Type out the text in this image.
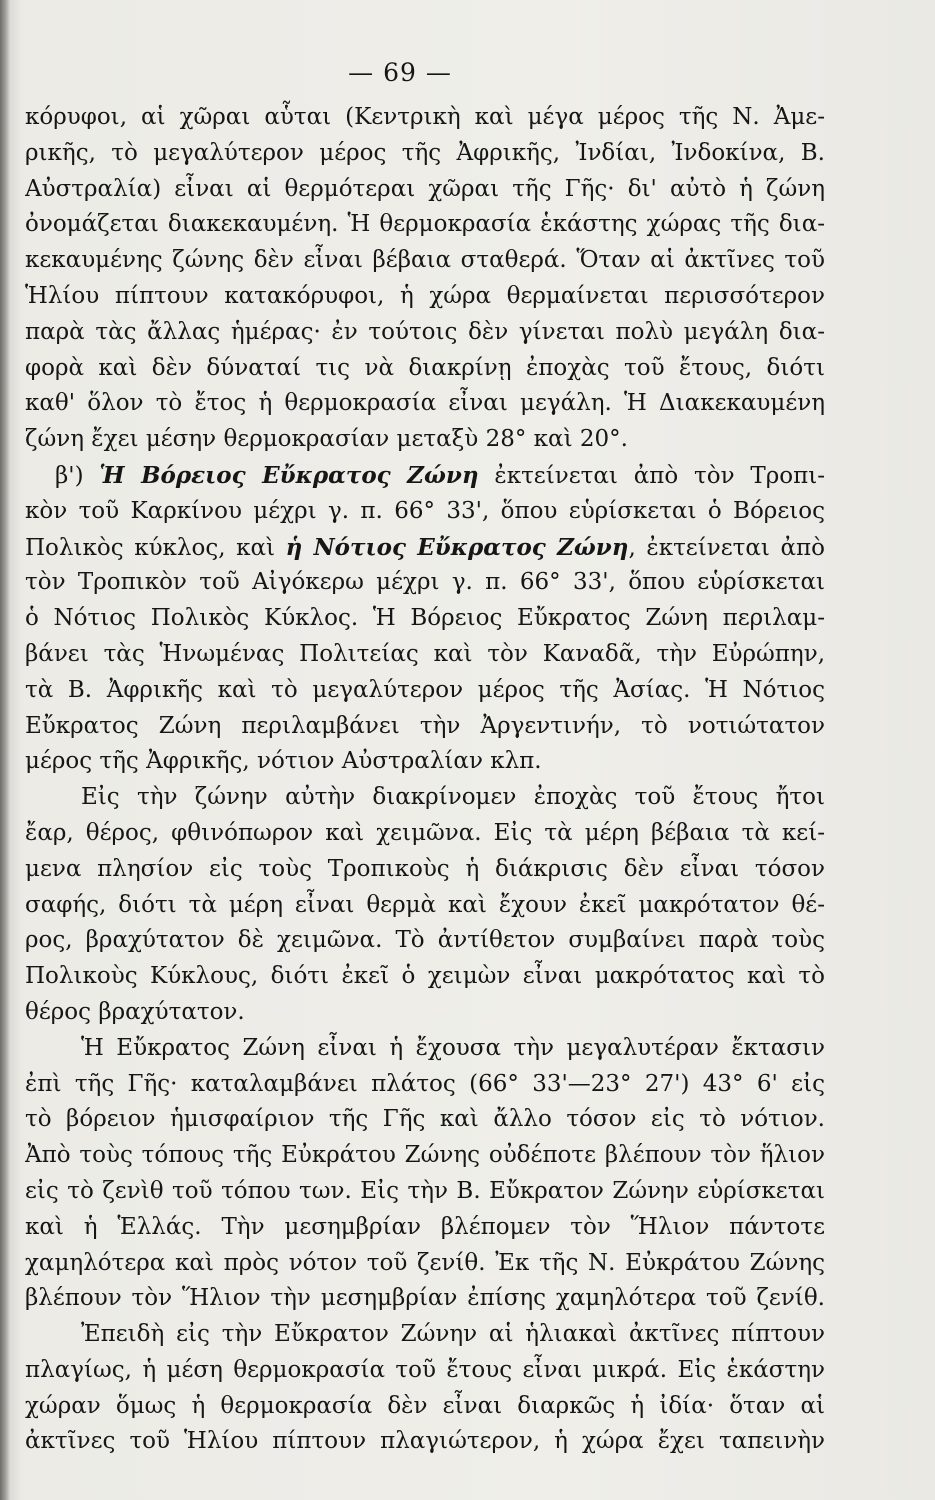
— 69 —
κόρυφοι, αἱ χῶραι αὗται (Κεντρικὴ καὶ μέγα μέρος τῆς Ν. Ἀμε-
ρικῆς, τὸ μεγαλύτερον μέρος τῆς Ἀφρικῆς, Ἰνδίαι, Ἰνδοκίνα, Β.
Αὐστραλία) εἶναι αἱ θερμότεραι χῶραι τῆς Γῆς· δι' αὐτὸ ἡ ζώνη
ὀνομάζεται διακεκαυμένη. Ἡ θερμοκρασία ἑκάστης χώρας τῆς δια-
κεκαυμένης ζώνης δὲν εἶναι βέβαια σταθερά. Ὅταν αἱ ἀκτῖνες τοῦ
Ἡλίου πίπτουν κατακόρυφοι, ἡ χώρα θερμαίνεται περισσότερον
παρὰ τὰς ἄλλας ἡμέρας· ἐν τούτοις δὲν γίνεται πολὺ μεγάλη δια-
φορὰ καὶ δὲν δύναταί τις νὰ διακρίνῃ ἐποχὰς τοῦ ἔτους, διότι
καθ' ὅλον τὸ ἔτος ἡ θερμοκρασία εἶναι μεγάλη. Ἡ Διακεκαυμένη
ζώνη ἔχει μέσην θερμοκρασίαν μεταξὺ 28° καὶ 20°.
β') Ἡ Βόρειος Εὔκρατος Ζώνη ἐκτείνεται ἀπὸ τὸν Τροπι-
κὸν τοῦ Καρκίνου μέχρι γ. π. 66° 33', ὅπου εὑρίσκεται ὁ Βόρειος
Πολικὸς κύκλος, καὶ ἡ Νότιος Εὔκρατος Ζώνη, ἐκτείνεται ἀπὸ
τὸν Τροπικὸν τοῦ Αἰγόκερω μέχρι γ. π. 66° 33', ὅπου εὑρίσκεται
ὁ Νότιος Πολικὸς Κύκλος. Ἡ Βόρειος Εὔκρατος Ζώνη περιλαμ-
βάνει τὰς Ἡνωμένας Πολιτείας καὶ τὸν Καναδᾶ, τὴν Εὐρώπην,
τὰ Β. Ἀφρικῆς καὶ τὸ μεγαλύτερον μέρος τῆς Ἀσίας. Ἡ Νότιος
Εὔκρατος Ζώνη περιλαμβάνει τὴν Ἀργεντινήν, τὸ νοτιώτατον
μέρος τῆς Ἀφρικῆς, νότιον Αὐστραλίαν κλπ.
Εἰς τὴν ζώνην αὐτὴν διακρίνομεν ἐποχὰς τοῦ ἔτους ἤτοι
ἔαρ, θέρος, φθινόπωρον καὶ χειμῶνα. Εἰς τὰ μέρη βέβαια τὰ κεί-
μενα πλησίον εἰς τοὺς Τροπικοὺς ἡ διάκρισις δὲν εἶναι τόσον
σαφής, διότι τὰ μέρη εἶναι θερμὰ καὶ ἔχουν ἐκεῖ μακρότατον θέ-
ρος, βραχύτατον δὲ χειμῶνα. Τὸ ἀντίθετον συμβαίνει παρὰ τοὺς
Πολικοὺς Κύκλους, διότι ἐκεῖ ὁ χειμὼν εἶναι μακρότατος καὶ τὸ
θέρος βραχύτατον.
Ἡ Εὔκρατος Ζώνη εἶναι ἡ ἔχουσα τὴν μεγαλυτέραν ἔκτασιν
ἐπὶ τῆς Γῆς· καταλαμβάνει πλάτος (66° 33'—23° 27') 43° 6' εἰς
τὸ βόρειον ἡμισφαίριον τῆς Γῆς καὶ ἄλλο τόσον εἰς τὸ νότιον.
Ἀπὸ τοὺς τόπους τῆς Εὐκράτου Ζώνης οὐδέποτε βλέπουν τὸν ἥλιον
εἰς τὸ ζενὶθ τοῦ τόπου των. Εἰς τὴν Β. Εὔκρατον Ζώνην εὑρίσκεται
καὶ ἡ Ἑλλάς. Τὴν μεσημβρίαν βλέπομεν τὸν Ἥλιον πάντοτε
χαμηλότερα καὶ πρὸς νότον τοῦ ζενίθ. Ἐκ τῆς Ν. Εὐκράτου Ζώνης
βλέπουν τὸν Ἥλιον τὴν μεσημβρίαν ἐπίσης χαμηλότερα τοῦ ζενίθ.
Ἐπειδὴ εἰς τὴν Εὔκρατον Ζώνην αἱ ἡλιακαὶ ἀκτῖνες πίπτουν
πλαγίως, ἡ μέση θερμοκρασία τοῦ ἔτους εἶναι μικρά. Εἰς ἑκάστην
χώραν ὅμως ἡ θερμοκρασία δὲν εἶναι διαρκῶς ἡ ἰδία· ὅταν αἱ
ἀκτῖνες τοῦ Ἡλίου πίπτουν πλαγιώτερον, ἡ χώρα ἔχει ταπεινὴν
